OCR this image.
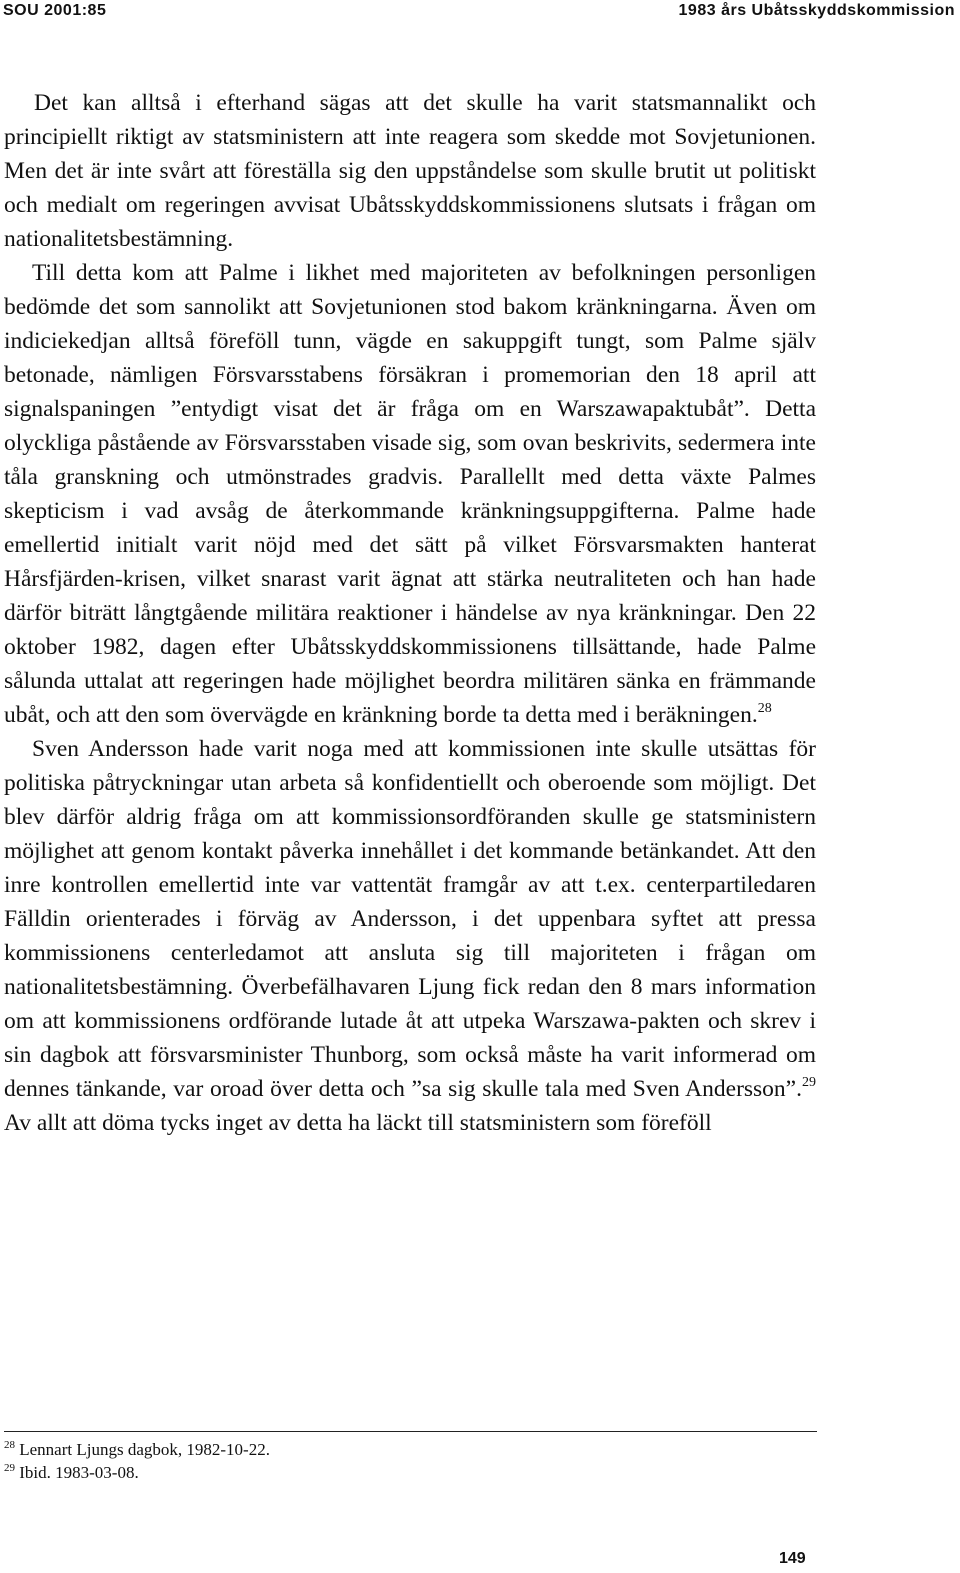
SOU 2001:85	1983 års Ubåtsskyddskommission

Det kan alltså i efterhand sägas att det skulle ha varit statsmannalikt och principiellt riktigt av statsministern att inte reagera som skedde mot Sovjetunionen. Men det är inte svårt att föreställa sig den uppståndelse som skulle brutit ut politiskt och medialt om regeringen avvisat Ubåtsskyddskommissionens slutsats i frågan om nationalitetsbestämning.

Till detta kom att Palme i likhet med majoriteten av befolkningen personligen bedömde det som sannolikt att Sovjetunionen stod bakom kränkningarna. Även om indiciekedjan alltså föreföll tunn, vägde en sakuppgift tungt, som Palme själv betonade, nämligen Försvarsstabens försäkran i promemorian den 18 april att signalspaningen ”entydigt visat det är fråga om en Warszawapaktubåt”. Detta olyckliga påstående av Försvarsstaben visade sig, som ovan beskrivits, sedermera inte tåla granskning och utmönstrades gradvis. Parallellt med detta växte Palmes skepticism i vad avsåg de återkommande kränkningsuppgifterna. Palme hade emellertid initialt varit nöjd med det sätt på vilket Försvarsmakten hanterat Hårsfjärden-krisen, vilket snarast varit ägnat att stärka neutraliteten och han hade därför biträtt långtgående militära reaktioner i händelse av nya kränkningar. Den 22 oktober 1982, dagen efter Ubåtsskyddskommissionens tillsättande, hade Palme sålunda uttalat att regeringen hade möjlighet beordra militären sänka en främmande ubåt, och att den som övervägde en kränkning borde ta detta med i beräkningen.$^{28}$

Sven Andersson hade varit noga med att kommissionen inte skulle utsättas för politiska påtryckningar utan arbeta så konfidentiellt och oberoende som möjligt. Det blev därför aldrig fråga om att kommissionsordföranden skulle ge statsministern möjlighet att genom kontakt påverka innehållet i det kommande betänkandet. Att den inre kontrollen emellertid inte var vattentät framgår av att t.ex. centerpartiledaren Fälldin orienterades i förväg av Andersson, i det uppenbara syftet att pressa kommissionens centerledamot att ansluta sig till majoriteten i frågan om nationalitetsbestämning. Överbefälhavaren Ljung fick redan den 8 mars information om att kommissionens ordförande lutade åt att utpeka Warszawa-pakten och skrev i sin dagbok att försvarsminister Thunborg, som också måste ha varit informerad om dennes tänkande, var oroad över detta och ”sa sig skulle tala med Sven Andersson”.$^{29}$ Av allt att döma tycks inget av detta ha läckt till statsministern som föreföll

$^{28}$ Lennart Ljungs dagbok, 1982-10-22.
$^{29}$ Ibid. 1983-03-08.
149
